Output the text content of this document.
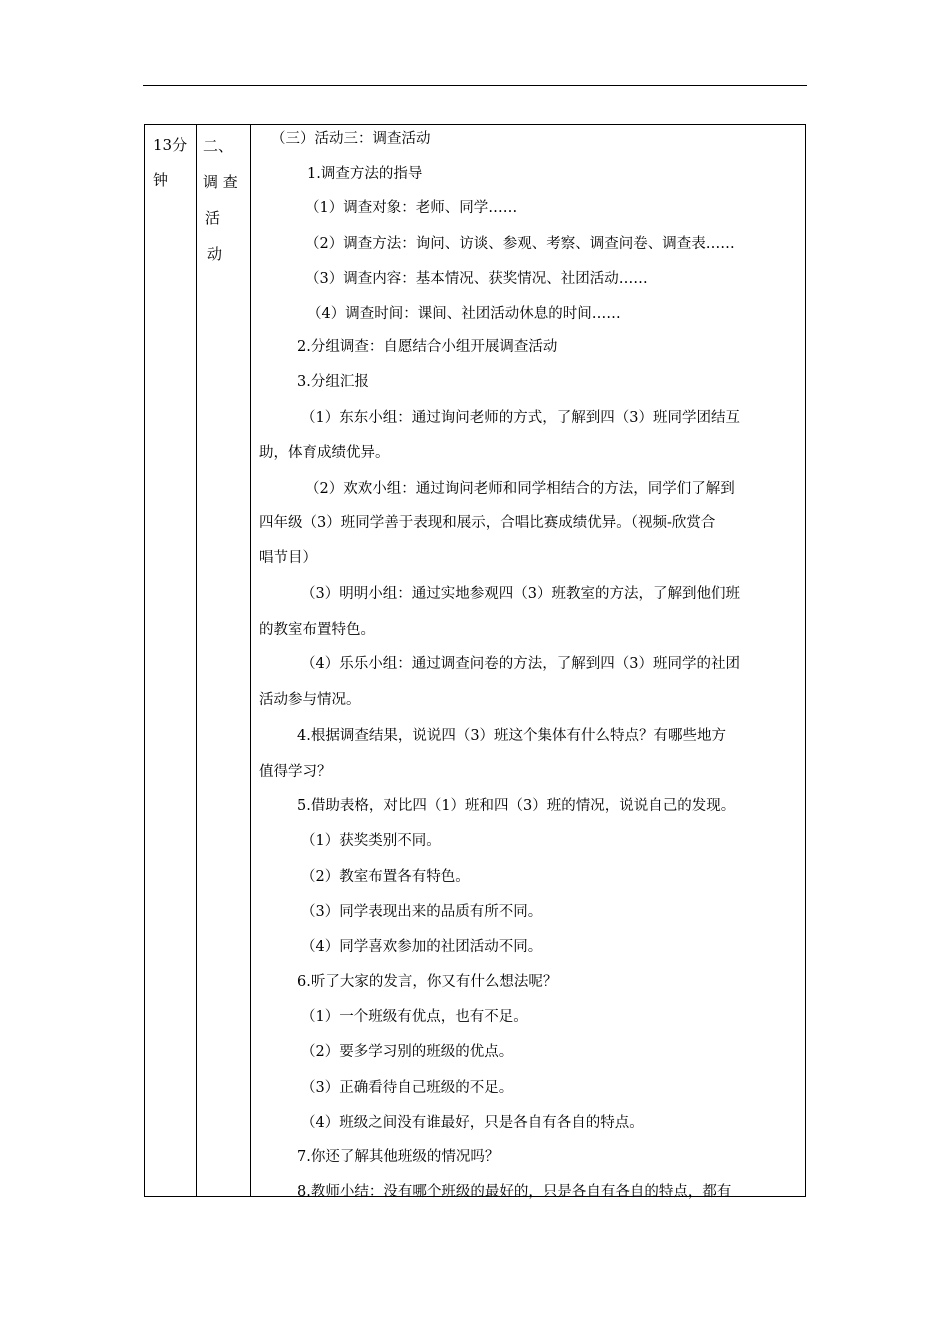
13分
钟
二、
调 查
活
动
（三）活动三：调查活动
1.调查方法的指导
（1）调查对象：老师、同学……
（2）调查方法：询问、访谈、参观、考察、调查问卷、调查表……
（3）调查内容：基本情况、获奖情况、社团活动……
（4）调查时间：课间、社团活动休息的时间……
2.分组调查：自愿结合小组开展调查活动
3.分组汇报
（1）东东小组：通过询问老师的方式，了解到四（3）班同学团结互
助，体育成绩优异。
（2）欢欢小组：通过询问老师和同学相结合的方法，同学们了解到
四年级（3）班同学善于表现和展示，合唱比赛成绩优异。（视频-欣赏合
唱节目）
（3）明明小组：通过实地参观四（3）班教室的方法，了解到他们班
的教室布置特色。
（4）乐乐小组：通过调查问卷的方法，了解到四（3）班同学的社团
活动参与情况。
4.根据调查结果，说说四（3）班这个集体有什么特点？有哪些地方
值得学习？
5.借助表格，对比四（1）班和四（3）班的情况，说说自己的发现。
（1）获奖类别不同。
（2）教室布置各有特色。
（3）同学表现出来的品质有所不同。
（4）同学喜欢参加的社团活动不同。
6.听了大家的发言，你又有什么想法呢？
（1）一个班级有优点，也有不足。
（2）要多学习别的班级的优点。
（3）正确看待自己班级的不足。
（4）班级之间没有谁最好，只是各自有各自的特点。
7.你还了解其他班级的情况吗？
8.教师小结：没有哪个班级的最好的，只是各自有各自的特点，都有
